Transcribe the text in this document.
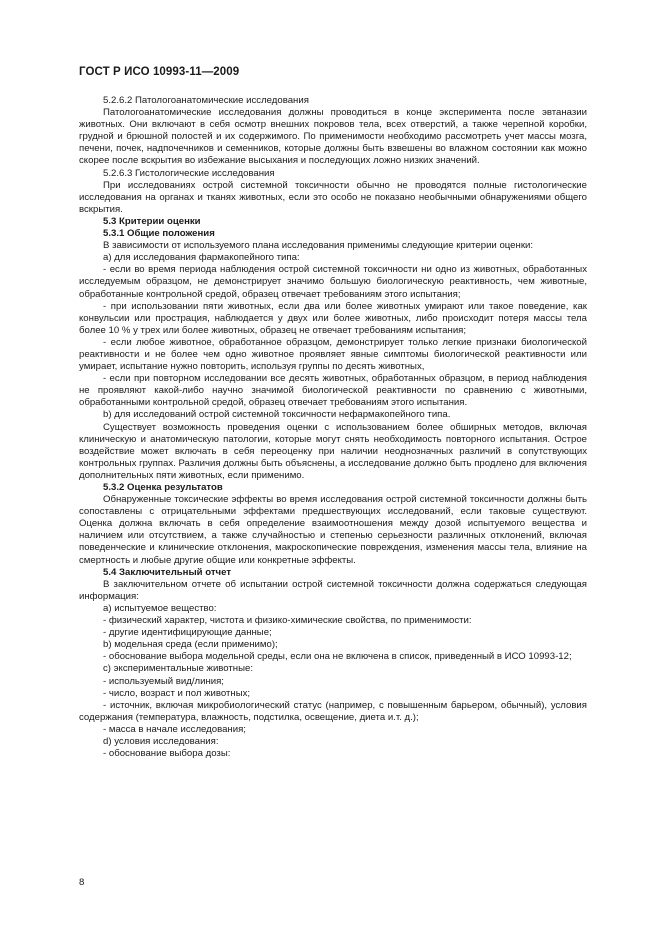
ГОСТ Р ИСО 10993-11—2009

5.2.6.2 Патологоанатомические исследования

Патологоанатомические исследования должны проводиться в конце эксперимента после эвтаназии животных. Они включают в себя осмотр внешних покровов тела, всех отверстий, а также черепной коробки, грудной и брюшной полостей и их содержимого. По применимости необходимо рассмотреть учет массы мозга, печени, почек, надпочечников и семенников, которые должны быть взвешены во влажном состоянии как можно скорее после вскрытия во избежание высыхания и последующих ложно низких значений.

5.2.6.3 Гистологические исследования

При исследованиях острой системной токсичности обычно не проводятся полные гистологические исследования на органах и тканях животных, если это особо не показано необычными обнаружениями общего вскрытия.

5.3 Критерии оценки

5.3.1 Общие положения

В зависимости от используемого плана исследования применимы следующие критерии оценки:

a) для исследования фармакопейного типа:

- если во время периода наблюдения острой системной токсичности ни одно из животных, обработанных исследуемым образцом, не демонстрирует значимо большую биологическую реактивность, чем животные, обработанные контрольной средой, образец отвечает требованиям этого испытания;

- при использовании пяти животных, если два или более животных умирают или такое поведение, как конвульсии или прострация, наблюдается у двух или более животных, либо происходит потеря массы тела более 10 % у трех или более животных, образец не отвечает требованиям испытания;

- если любое животное, обработанное образцом, демонстрирует только легкие признаки биологической реактивности и не более чем одно животное проявляет явные симптомы биологической реактивности или умирает, испытание нужно повторить, используя группы по десять животных,

- если при повторном исследовании все десять животных, обработанных образцом, в период наблюдения не проявляют какой-либо научно значимой биологической реактивности по сравнению с животными, обработанными контрольной средой, образец отвечает требованиям этого испытания.

b) для исследований острой системной токсичности нефармакопейного типа.

Существует возможность проведения оценки с использованием более обширных методов, включая клиническую и анатомическую патологии, которые могут снять необходимость повторного испытания. Острое воздействие может включать в себя переоценку при наличии неоднозначных различий в сопутствующих контрольных группах. Различия должны быть объяснены, а исследование должно быть продлено для включения дополнительных пяти животных, если применимо.

5.3.2 Оценка результатов

Обнаруженные токсические эффекты во время исследования острой системной токсичности должны быть сопоставлены с отрицательными эффектами предшествующих исследований, если таковые существуют. Оценка должна включать в себя определение взаимоотношения между дозой испытуемого вещества и наличием или отсутствием, а также случайностью и степенью серьезности различных отклонений, включая поведенческие и клинические отклонения, макроскопические повреждения, изменения массы тела, влияние на смертность и любые другие общие или конкретные эффекты.

5.4 Заключительный отчет

В заключительном отчете об испытании острой системной токсичности должна содержаться следующая информация:

a) испытуемое вещество:

- физический характер, чистота и физико-химические свойства, по применимости:

- другие идентифицирующие данные;

b) модельная среда (если применимо);

- обоснование выбора модельной среды, если она не включена в список, приведенный в ИСО 10993-12;

c) экспериментальные животные:

- используемый вид/линия;

- число, возраст и пол животных;

- источник, включая микробиологический статус (например, с повышенным барьером, обычный), условия содержания (температура, влажность, подстилка, освещение, диета и.т. д.);

- масса в начале исследования;

d) условия исследования:

- обоснование выбора дозы:

8
